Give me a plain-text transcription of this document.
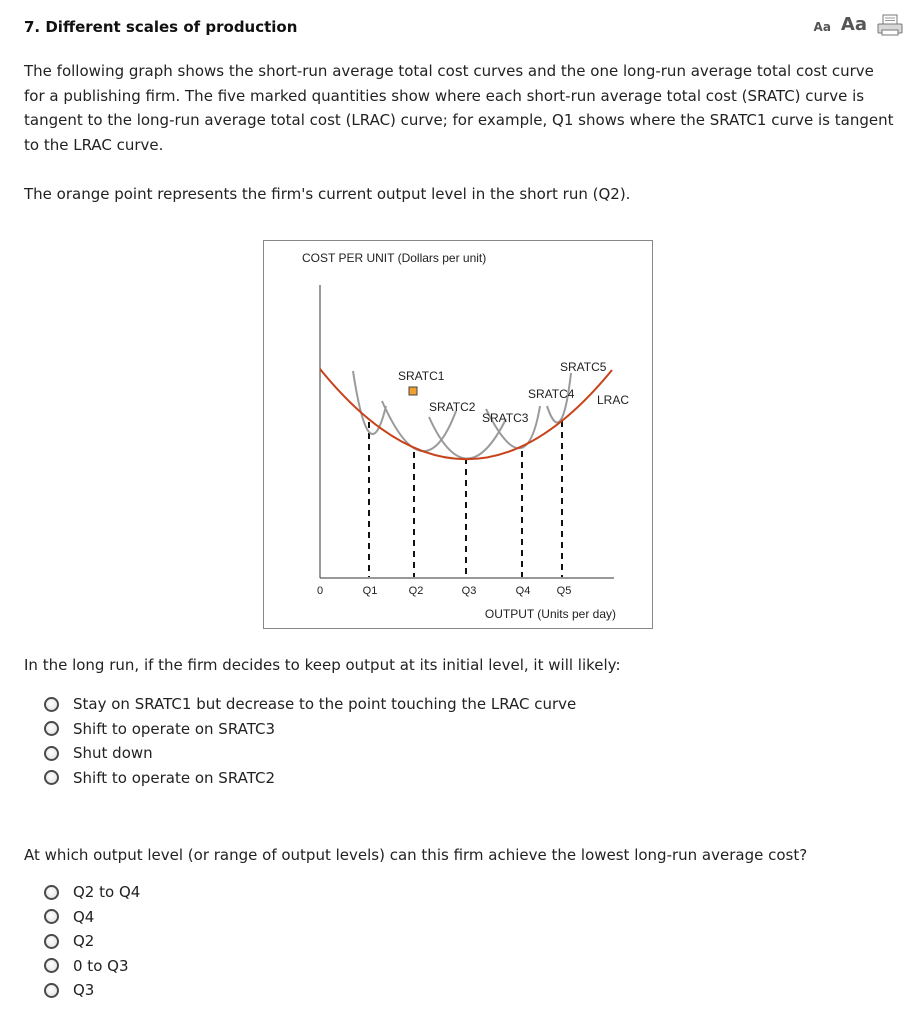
7. Different scales of production	Aa Aa

The following graph shows the short-run average total cost curves and the one long-run average total cost curve for a publishing firm. The five marked quantities show where each short-run average total cost (SRATC) curve is tangent to the long-run average total cost (LRAC) curve; for example, Q1 shows where the SRATC1 curve is tangent to the LRAC curve.

The orange point represents the firm's current output level in the short run (Q2).

COST PER UNIT (Dollars per unit)
SRATC1
SRATC2
SRATC3
SRATC4
SRATC5
LRAC
0	Q1	Q2	Q3	Q4 Q5
OUTPUT (Units per day)

In the long run, if the firm decides to keep output at its initial level, it will likely:

Stay on SRATC1 but decrease to the point touching the LRAC curve
Shift to operate on SRATC3
Shut down
Shift to operate on SRATC2

At which output level (or range of output levels) can this firm achieve the lowest long-run average cost?

Q2 to Q4
Q4
Q2
0 to Q3
Q3
